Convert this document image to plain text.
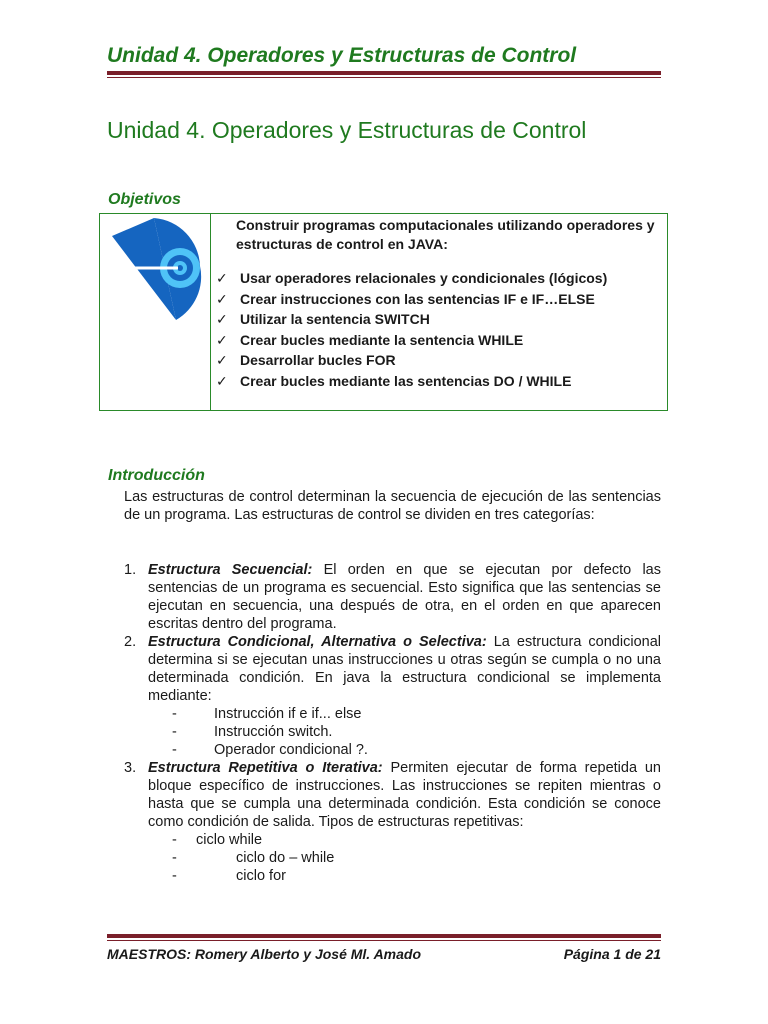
Unidad 4. Operadores y Estructuras de Control
Unidad 4. Operadores y Estructuras de Control
Objetivos
Construir programas computacionales utilizando operadores y estructuras de control en JAVA:
✓ Usar operadores relacionales y condicionales (lógicos)
✓ Crear instrucciones con las sentencias IF e IF…ELSE
✓ Utilizar la sentencia SWITCH
✓ Crear bucles mediante la sentencia WHILE
✓ Desarrollar bucles FOR
✓ Crear bucles mediante las sentencias DO / WHILE
Introducción
Las estructuras de control determinan la secuencia de ejecución de las sentencias de un programa. Las estructuras de control se dividen en tres categorías:
1. Estructura Secuencial: El orden en que se ejecutan por defecto las sentencias de un programa es secuencial. Esto significa que las sentencias se ejecutan en secuencia, una después de otra, en el orden en que aparecen escritas dentro del programa.
2. Estructura Condicional, Alternativa o Selectiva: La estructura condicional determina si se ejecutan unas instrucciones u otras según se cumpla o no una determinada condición. En java la estructura condicional se implementa mediante:
-	Instrucción if e if... else
-	Instrucción switch.
-	Operador condicional ?.
3. Estructura Repetitiva o Iterativa: Permiten ejecutar de forma repetida un bloque específico de instrucciones. Las instrucciones se repiten mientras o hasta que se cumpla una determinada condición. Esta condición se conoce como condición de salida. Tipos de estructuras repetitivas:
- ciclo while
-	ciclo do – while
-	ciclo for
MAESTROS: Romery Alberto y José Ml. Amado	Página 1 de 21
